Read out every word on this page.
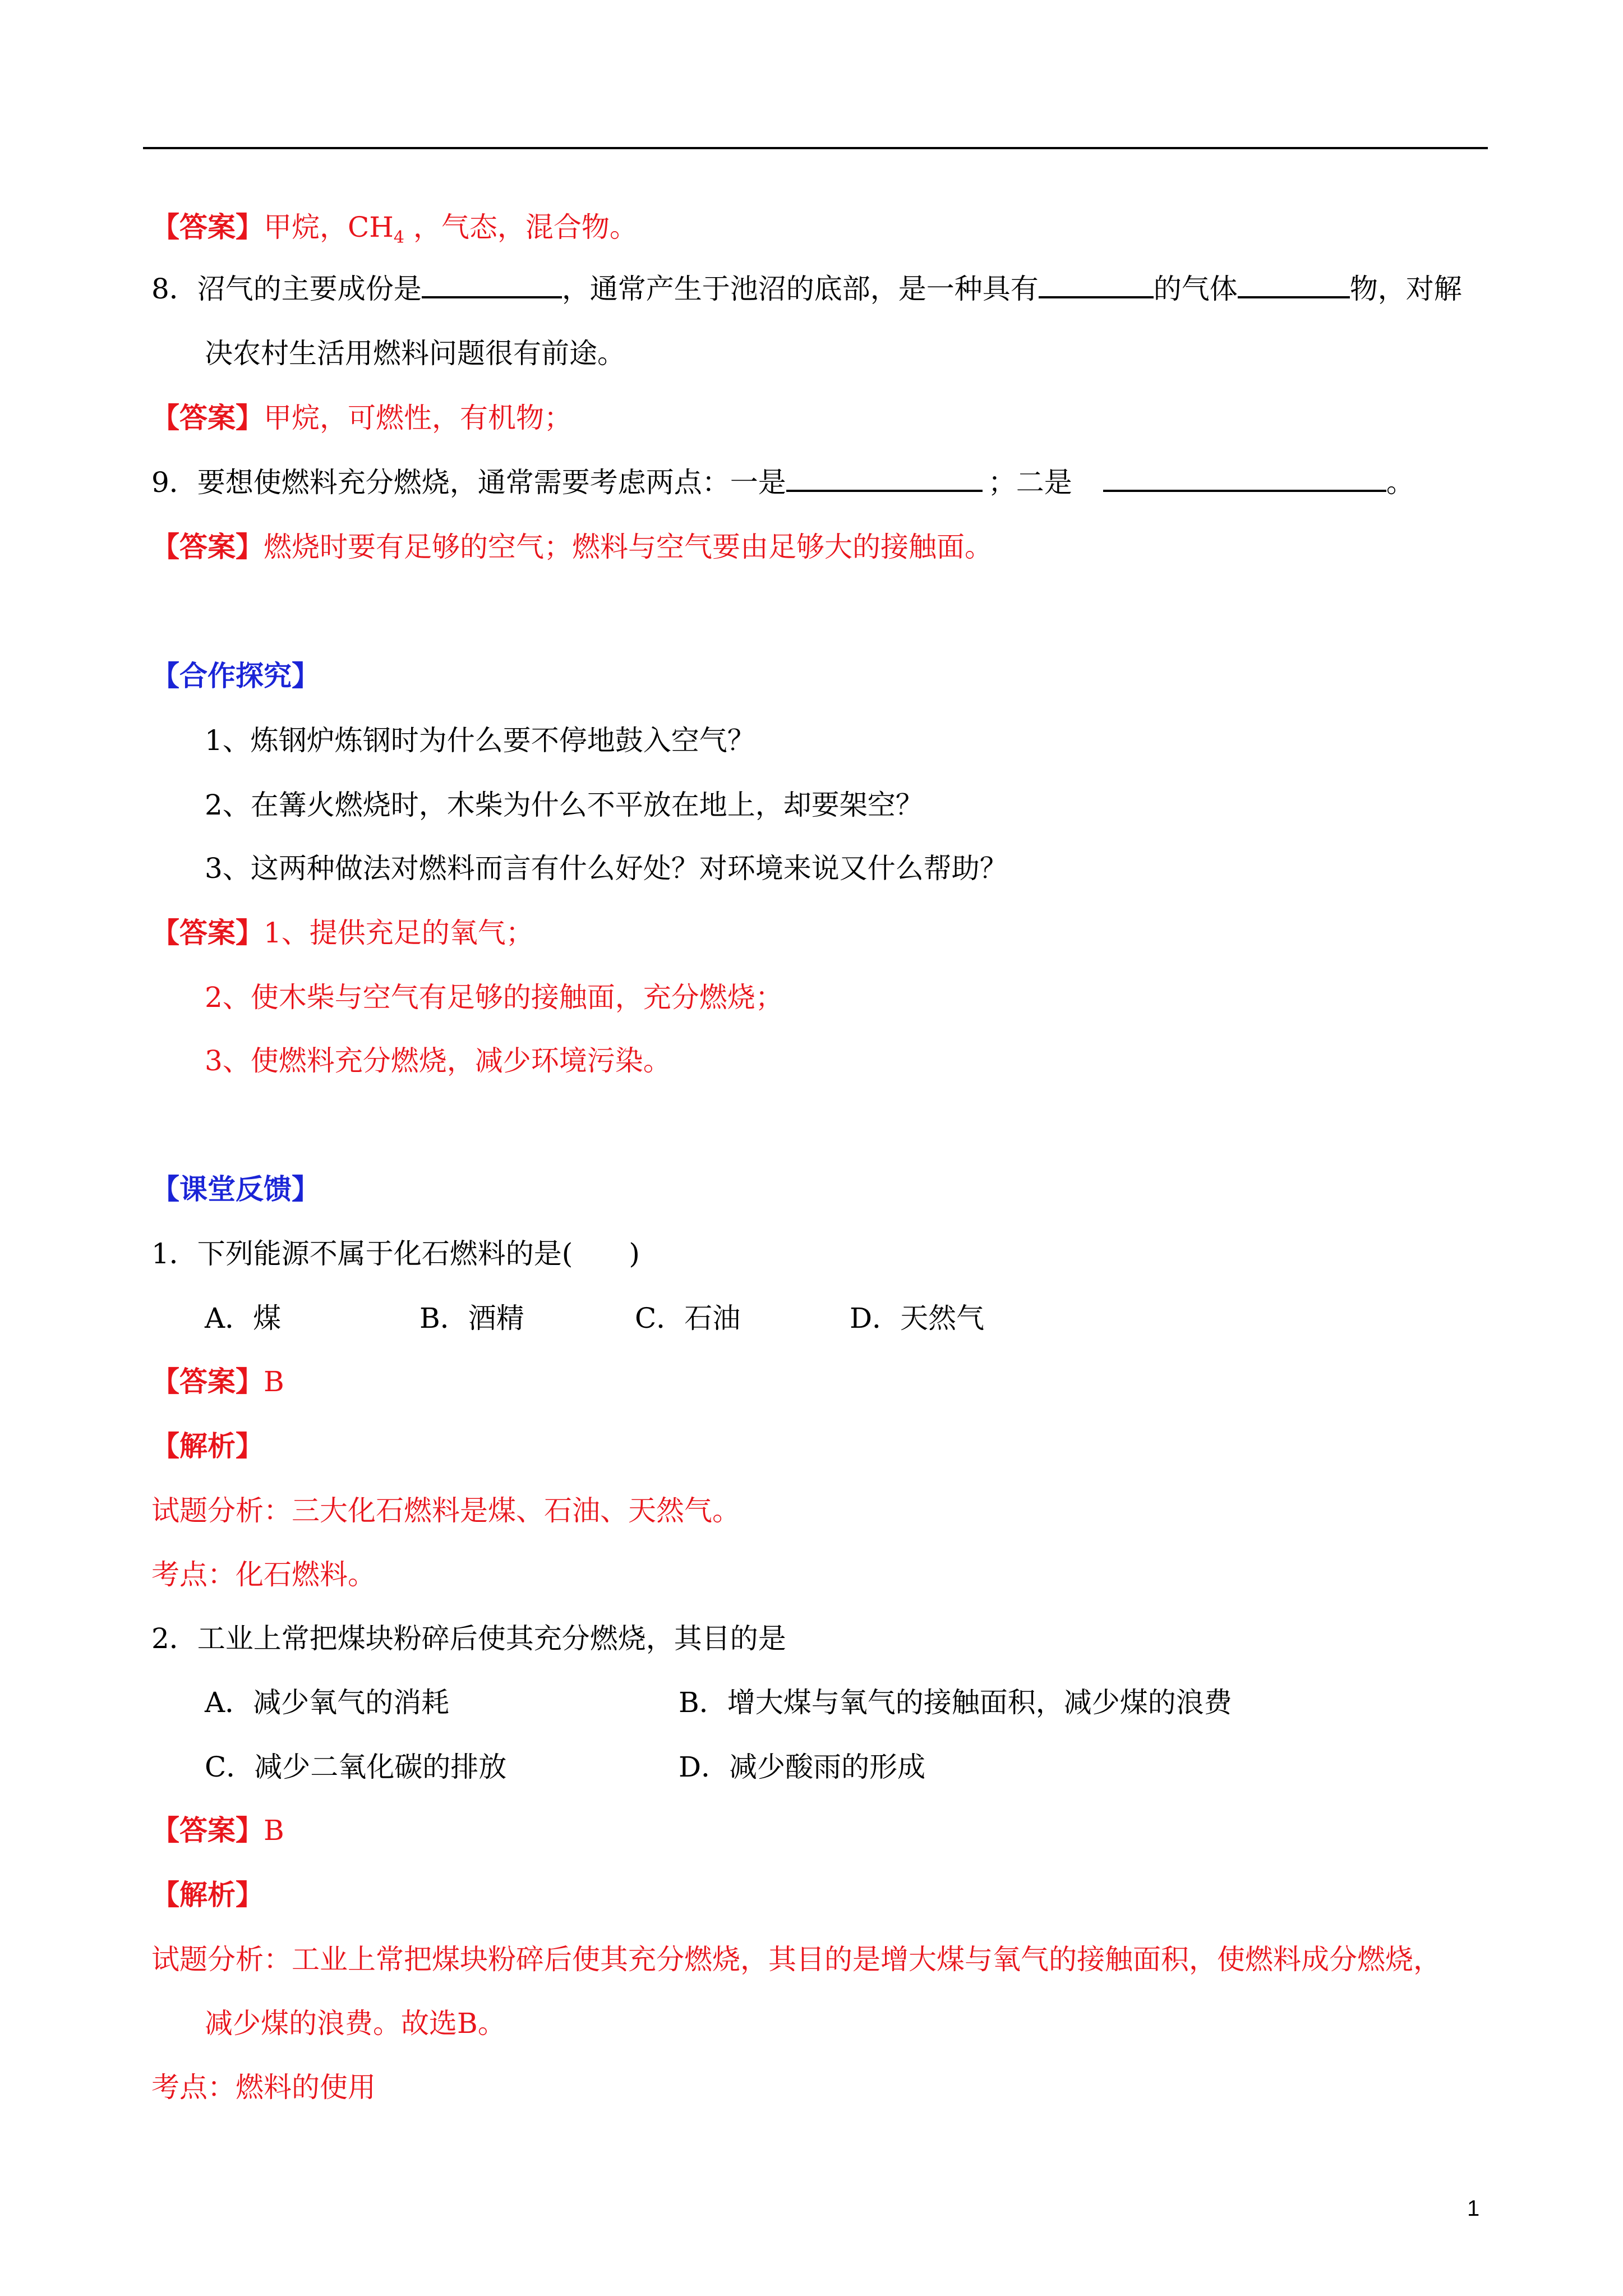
【答案】甲烷，$CH_4$ ，气态，混合物。
8．沼气的主要成份是	，通常产生于池沼的底部，是一种具有	的气体	物，对解
决农村生活用燃料问题很有前途。
【答案】甲烷，可燃性，有机物；
9．要想使燃料充分燃烧，通常需要考虑两点：一是	；二是	。
【答案】燃烧时要有足够的空气；燃料与空气要由足够大的接触面。
【合作探究】
1、炼钢炉炼钢时为什么要不停地鼓入空气？
2、在篝火燃烧时，木柴为什么不平放在地上，却要架空？
3、这两种做法对燃料而言有什么好处？对环境来说又什么帮助？
【答案】1、提供充足的氧气；
2、使木柴与空气有足够的接触面，充分燃烧；
3、使燃料充分燃烧，减少环境污染。
【课堂反馈】
1．下列能源不属于化石燃料的是(　　)
A．煤	B．酒精	C．石油	D．天然气
【答案】B
【解析】
试题分析：三大化石燃料是煤、石油、天然气。
考点：化石燃料。
2．工业上常把煤块粉碎后使其充分燃烧，其目的是
A．减少氧气的消耗	B．增大煤与氧气的接触面积，减少煤的浪费
C．减少二氧化碳的排放	D．减少酸雨的形成
【答案】B
【解析】
试题分析：工业上常把煤块粉碎后使其充分燃烧，其目的是增大煤与氧气的接触面积，使燃料成分燃烧，
减少煤的浪费。故选B。
考点：燃料的使用
1
